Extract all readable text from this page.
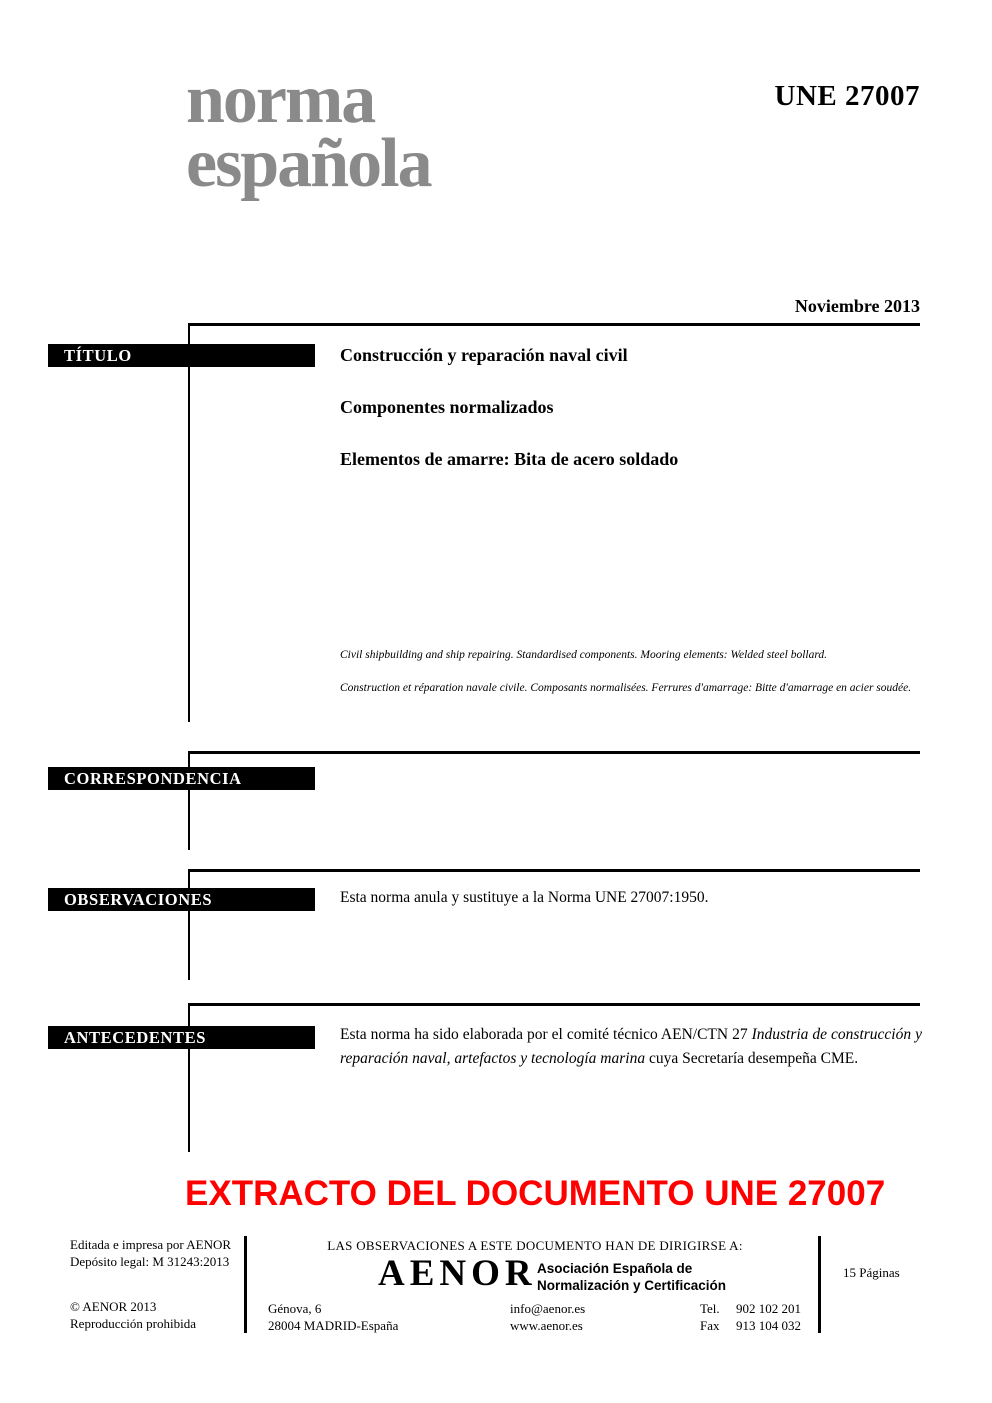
norma
española
UNE 27007
Noviembre 2013
TÍTULO	Construcción y reparación naval civil
Componentes normalizados
Elementos de amarre: Bita de acero soldado
Civil shipbuilding and ship repairing. Standardised components. Mooring elements: Welded steel bollard.
Construction et réparation navale civile. Composants normalisées. Ferrures d'amarrage: Bitte d'amarrage en acier soudée.
CORRESPONDENCIA
OBSERVACIONES	Esta norma anula y sustituye a la Norma UNE 27007:1950.
ANTECEDENTES	Esta norma ha sido elaborada por el comité técnico AEN/CTN 27 Industria de construcción y reparación naval, artefactos y tecnología marina cuya Secretaría desempeña CME.
EXTRACTO DEL DOCUMENTO UNE 27007
Editada e impresa por AENOR
Depósito legal: M 31243:2013
© AENOR 2013
Reproducción prohibida
LAS OBSERVACIONES A ESTE DOCUMENTO HAN DE DIRIGIRSE A:
AENOR Asociación Española de
Normalización y Certificación
Génova, 6
28004 MADRID-España
info@aenor.es
www.aenor.es
Tel.	902 102 201
Fax	913 104 032
15 Páginas
